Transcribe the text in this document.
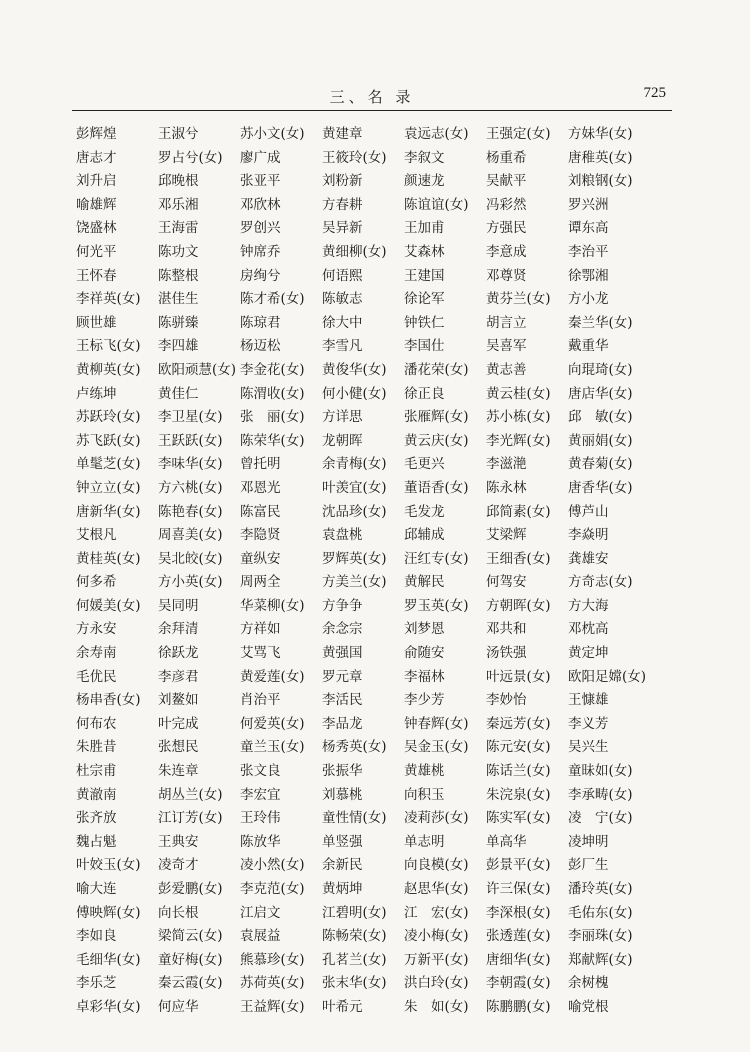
三、名 录	725
彭辉煌	王淑兮	苏小文(女)	黄建章	袁远志(女)	王强定(女)	方妹华(女)
唐志才	罗占兮(女)	廖广成	王筱玲(女)	李叙文	杨重希	唐稚英(女)
刘升启	邱晚根	张亚平	刘粉新	颜速龙	吴献平	刘粮钢(女)
喻雄辉	邓乐湘	邓欣林	方春耕	陈谊谊(女)	冯彩然	罗兴洲
饶盛林	王海雷	罗创兴	吴异新	王加甫	方强民	谭东高
何光平	陈功文	钟席乔	黄细柳(女)	艾森林	李意成	李治平
王怀春	陈整根	房绚兮	何语熙	王建国	邓尊贤	徐鄂湘
李祥英(女)	湛佳生	陈才希(女)	陈敏志	徐论军	黄芬兰(女)	方小龙
顾世雄	陈骈臻	陈琼君	徐大中	钟铁仁	胡言立	秦兰华(女)
王标飞(女)	李四雄	杨迈松	李雪凡	李国仕	吴喜军	戴重华
黄柳英(女)	欧阳顽慧(女) 李金花(女)	黄俊华(女)	潘花荣(女)	黄志善	向琨琦(女)
卢练坤	黄佳仁	陈渭收(女)	何小健(女)	徐正良	黄云桂(女)	唐店华(女)
苏跃玲(女)	李卫星(女)	张　丽(女)	方详思	张雁辉(女)	苏小栋(女)	邱　敏(女)
苏飞跃(女)	王跃跃(女)	陈荣华(女)	龙朝晖	黄云庆(女)	李光辉(女)	黄丽娟(女)
单髦芝(女)	李味华(女)	曾托明	余青梅(女)	毛更兴	李滋滟	黄春菊(女)
钟立立(女)	方六桃(女)	邓恩光	叶羡宜(女)	董语香(女)	陈永林	唐香华(女)
唐新华(女)	陈艳春(女)	陈富民	沈品珍(女)	毛发龙	邱简素(女)	傅芦山
艾根凡	周喜美(女)	李隐贤	袁盘桃	邱辅成	艾梁辉	李焱明
黄桂英(女)	吴北皎(女)	童纵安	罗辉英(女)	汪红专(女)	王细香(女)	龚雄安
何多希	方小英(女)	周两全	方美兰(女)	黄解民	何驾安	方奇志(女)
何媛美(女)	吴同明	华菜柳(女)	方争争	罗玉英(女)	方朝晖(女)	方大海
方永安	余拜清	方祥如	余念宗	刘梦恩	邓共和	邓枕高
余寿南	徐跃龙	艾骂飞	黄强国	俞随安	汤铁强	黄定坤
毛优民	李彦君	黄爱莲(女)	罗元章	李福林	叶远景(女)	欧阳足嫦(女)
杨串香(女)	刘鳌如	肖治平	李活民	李少芳	李妙怡	王慷雄
何布农	叶完成	何爱英(女)	李品龙	钟春辉(女)	秦远芳(女)	李义芳
朱胜昔	张想民	童兰玉(女)	杨秀英(女)	吴金玉(女)	陈元安(女)	吴兴生
杜宗甫	朱连章	张文良	张振华	黄雄桃	陈话兰(女)	童昧如(女)
黄澈南	胡丛兰(女)	李宏宜	刘慕桃	向积玉	朱浣泉(女)	李承畴(女)
张齐放	江订芳(女)	王玲伟	童性情(女)	凌莉莎(女)	陈实军(女)	凌　宁(女)
魏占魁	王典安	陈放华	单竖强	单志明	单高华	凌坤明
叶姣玉(女)	凌奇才	凌小然(女)	余新民	向良模(女)	彭景平(女)	彭厂生
喻大连	彭爱鹏(女)	李克范(女)	黄炳坤	赵思华(女)	许三保(女)	潘玲英(女)
傅映辉(女)	向长根	江启文	江碧明(女)	江　宏(女)	李深根(女)	毛佑东(女)
李如良	梁简云(女)	袁展益	陈畅荣(女)	凌小梅(女)	张透莲(女)	李丽珠(女)
毛细华(女)	童好梅(女)	熊慕珍(女)	孔茗兰(女)	万新平(女)	唐细华(女)	郑献辉(女)
李乐芝	秦云霞(女)	苏荷英(女)	张末华(女)	洪白玲(女)	李朝霞(女)	余树槐
卓彩华(女)	何应华	王益辉(女)	叶希元	朱　如(女)	陈鹏鹏(女)	喻党根
